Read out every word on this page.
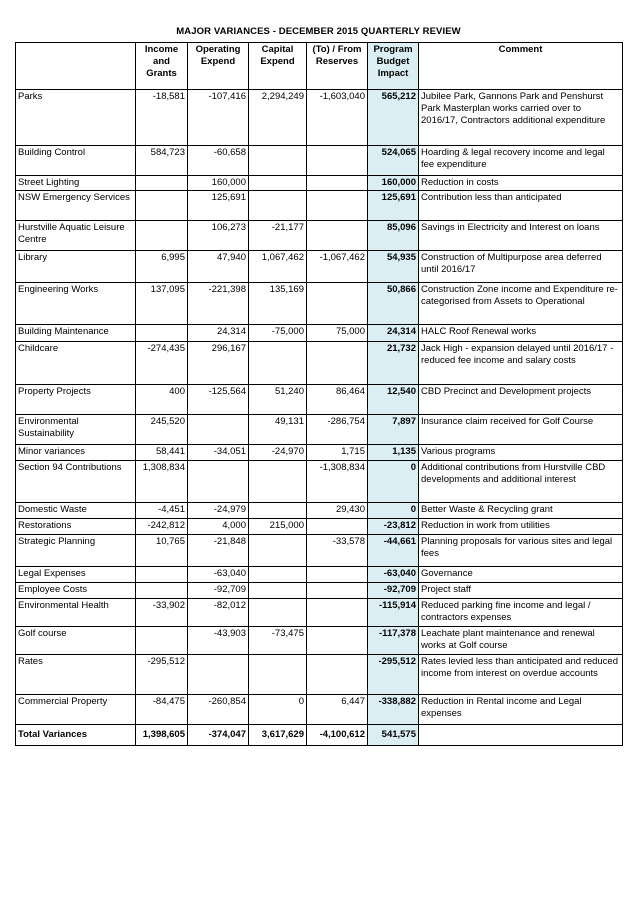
MAJOR VARIANCES - DECEMBER 2015 QUARTERLY REVIEW
	Income and Grants	Operating Expend	Capital Expend	(To) / From Reserves	Program Budget Impact	Comment
Parks	-18,581	-107,416	2,294,249	-1,603,040	565,212	Jubilee Park, Gannons Park and Penshurst Park Masterplan works carried over to 2016/17, Contractors additional expenditure
Building Control	584,723	-60,658			524,065	Hoarding & legal recovery income and legal fee expenditure
Street Lighting		160,000			160,000	Reduction in costs
NSW Emergency Services		125,691			125,691	Contribution less than anticipated
Hurstville Aquatic Leisure Centre		106,273	-21,177		85,096	Savings in Electricity and Interest on loans
Library	6,995	47,940	1,067,462	-1,067,462	54,935	Construction of Multipurpose area deferred until 2016/17
Engineering Works	137,095	-221,398	135,169		50,866	Construction Zone income and Expenditure re-categorised from Assets to Operational
Building Maintenance		24,314	-75,000	75,000	24,314	HALC Roof Renewal works
Childcare	-274,435	296,167			21,732	Jack High - expansion delayed until 2016/17 - reduced fee income and salary costs
Property Projects	400	-125,564	51,240	86,464	12,540	CBD Precinct and Development projects
Environmental Sustainability	245,520		49,131	-286,754	7,897	Insurance claim received for Golf Course
Minor variances	58,441	-34,051	-24,970	1,715	1,135	Various programs
Section 94 Contributions	1,308,834			-1,308,834	0	Additional contributions from Hurstville CBD developments and additional interest
Domestic Waste	-4,451	-24,979		29,430	0	Better Waste & Recycling grant
Restorations	-242,812	4,000	215,000		-23,812	Reduction in work from utilities
Strategic Planning	10,765	-21,848		-33,578	-44,661	Planning proposals for various sites and legal fees
Legal Expenses		-63,040			-63,040	Governance
Employee Costs		-92,709			-92,709	Project staff
Environmental Health	-33,902	-82,012			-115,914	Reduced parking fine income and legal / contractors expenses
Golf course		-43,903	-73,475		-117,378	Leachate plant maintenance and renewal works at Golf course
Rates	-295,512				-295,512	Rates levied less than anticipated and reduced income from interest on overdue accounts
Commercial Property	-84,475	-260,854	0	6,447	-338,882	Reduction in Rental income and Legal expenses
Total Variances	1,398,605	-374,047	3,617,629	-4,100,612	541,575	
